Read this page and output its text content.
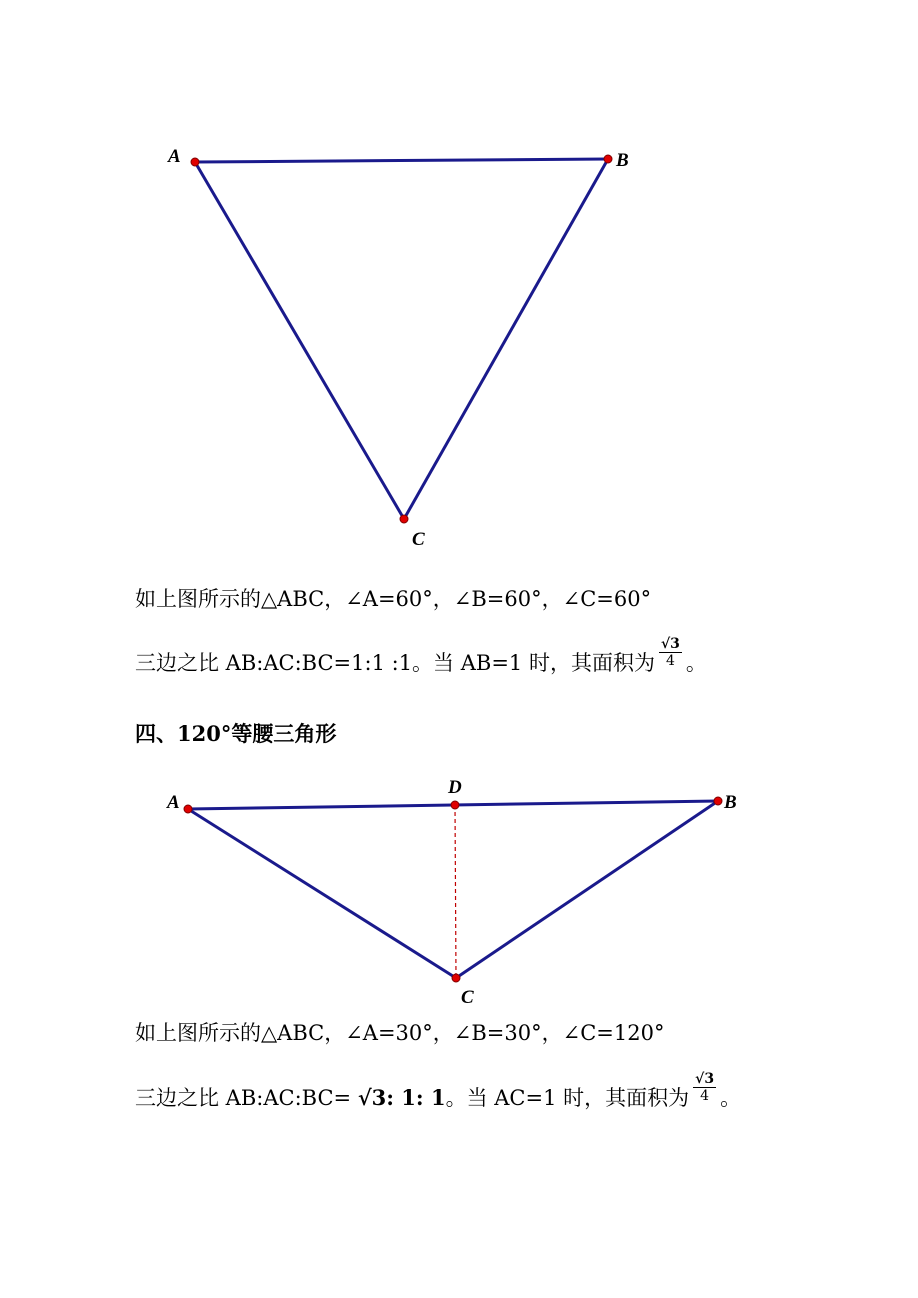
A	B
C
如上图所示的△ABC，∠A=60°，∠B=60°，∠C=60°
三边之比 AB:AC:BC=1:1 :1。当 AB=1 时，其面积为 $\frac{√3}{4}$ 。
四、120°等腰三角形
A	B
C
D
如上图所示的△ABC，∠A=30°，∠B=30°，∠C=120°
三边之比 AB:AC:BC= √3: 1: 1。当 AC=1 时，其面积为 $\frac{√3}{4}$ 。
